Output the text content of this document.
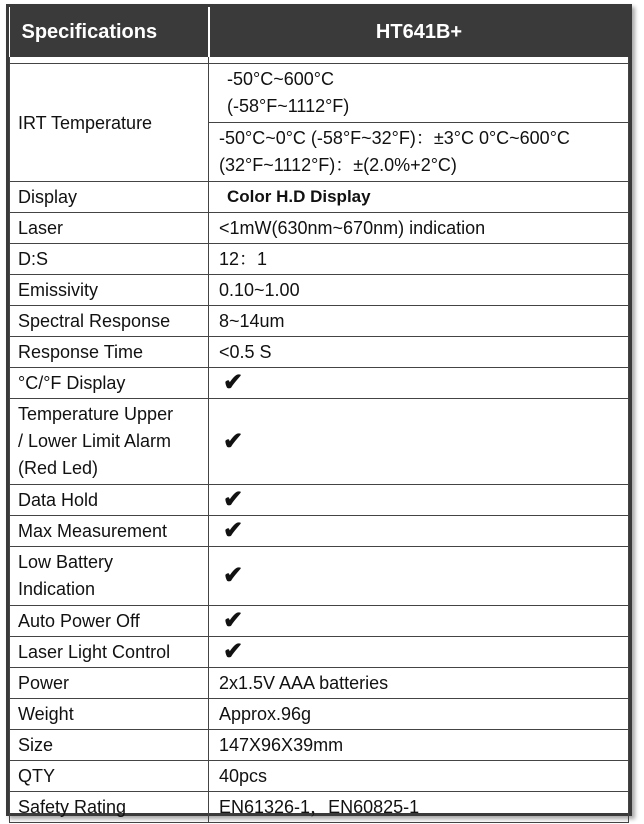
Specifications	HT641B+

IRT Temperature	-50°C~600°C
(-58°F~1112°F)

	-50°C~0°C (-58°F~32°F)：±3°C 0°C~600°C
(32°F~1112°F)：±(2.0%+2°C)

Display	Color H.D Display

Laser	<1mW(630nm~670nm) indication
D:S	12：1
Emissivity	0.10~1.00
Spectral Response	8~14um
Response Time	<0.5 S
°C/°F Display	✔

Temperature Upper
/ Lower Limit Alarm
(Red Led)	✔
Data Hold	✔
Max Measurement	✔

Low Battery
Indication	✔
Auto Power Off	✔
Laser Light Control	✔
Power	2x1.5V AAA batteries
Weight	Approx.96g
Size	147X96X39mm
QTY	40pcs
Safety Rating	EN61326-1，EN60825-1
